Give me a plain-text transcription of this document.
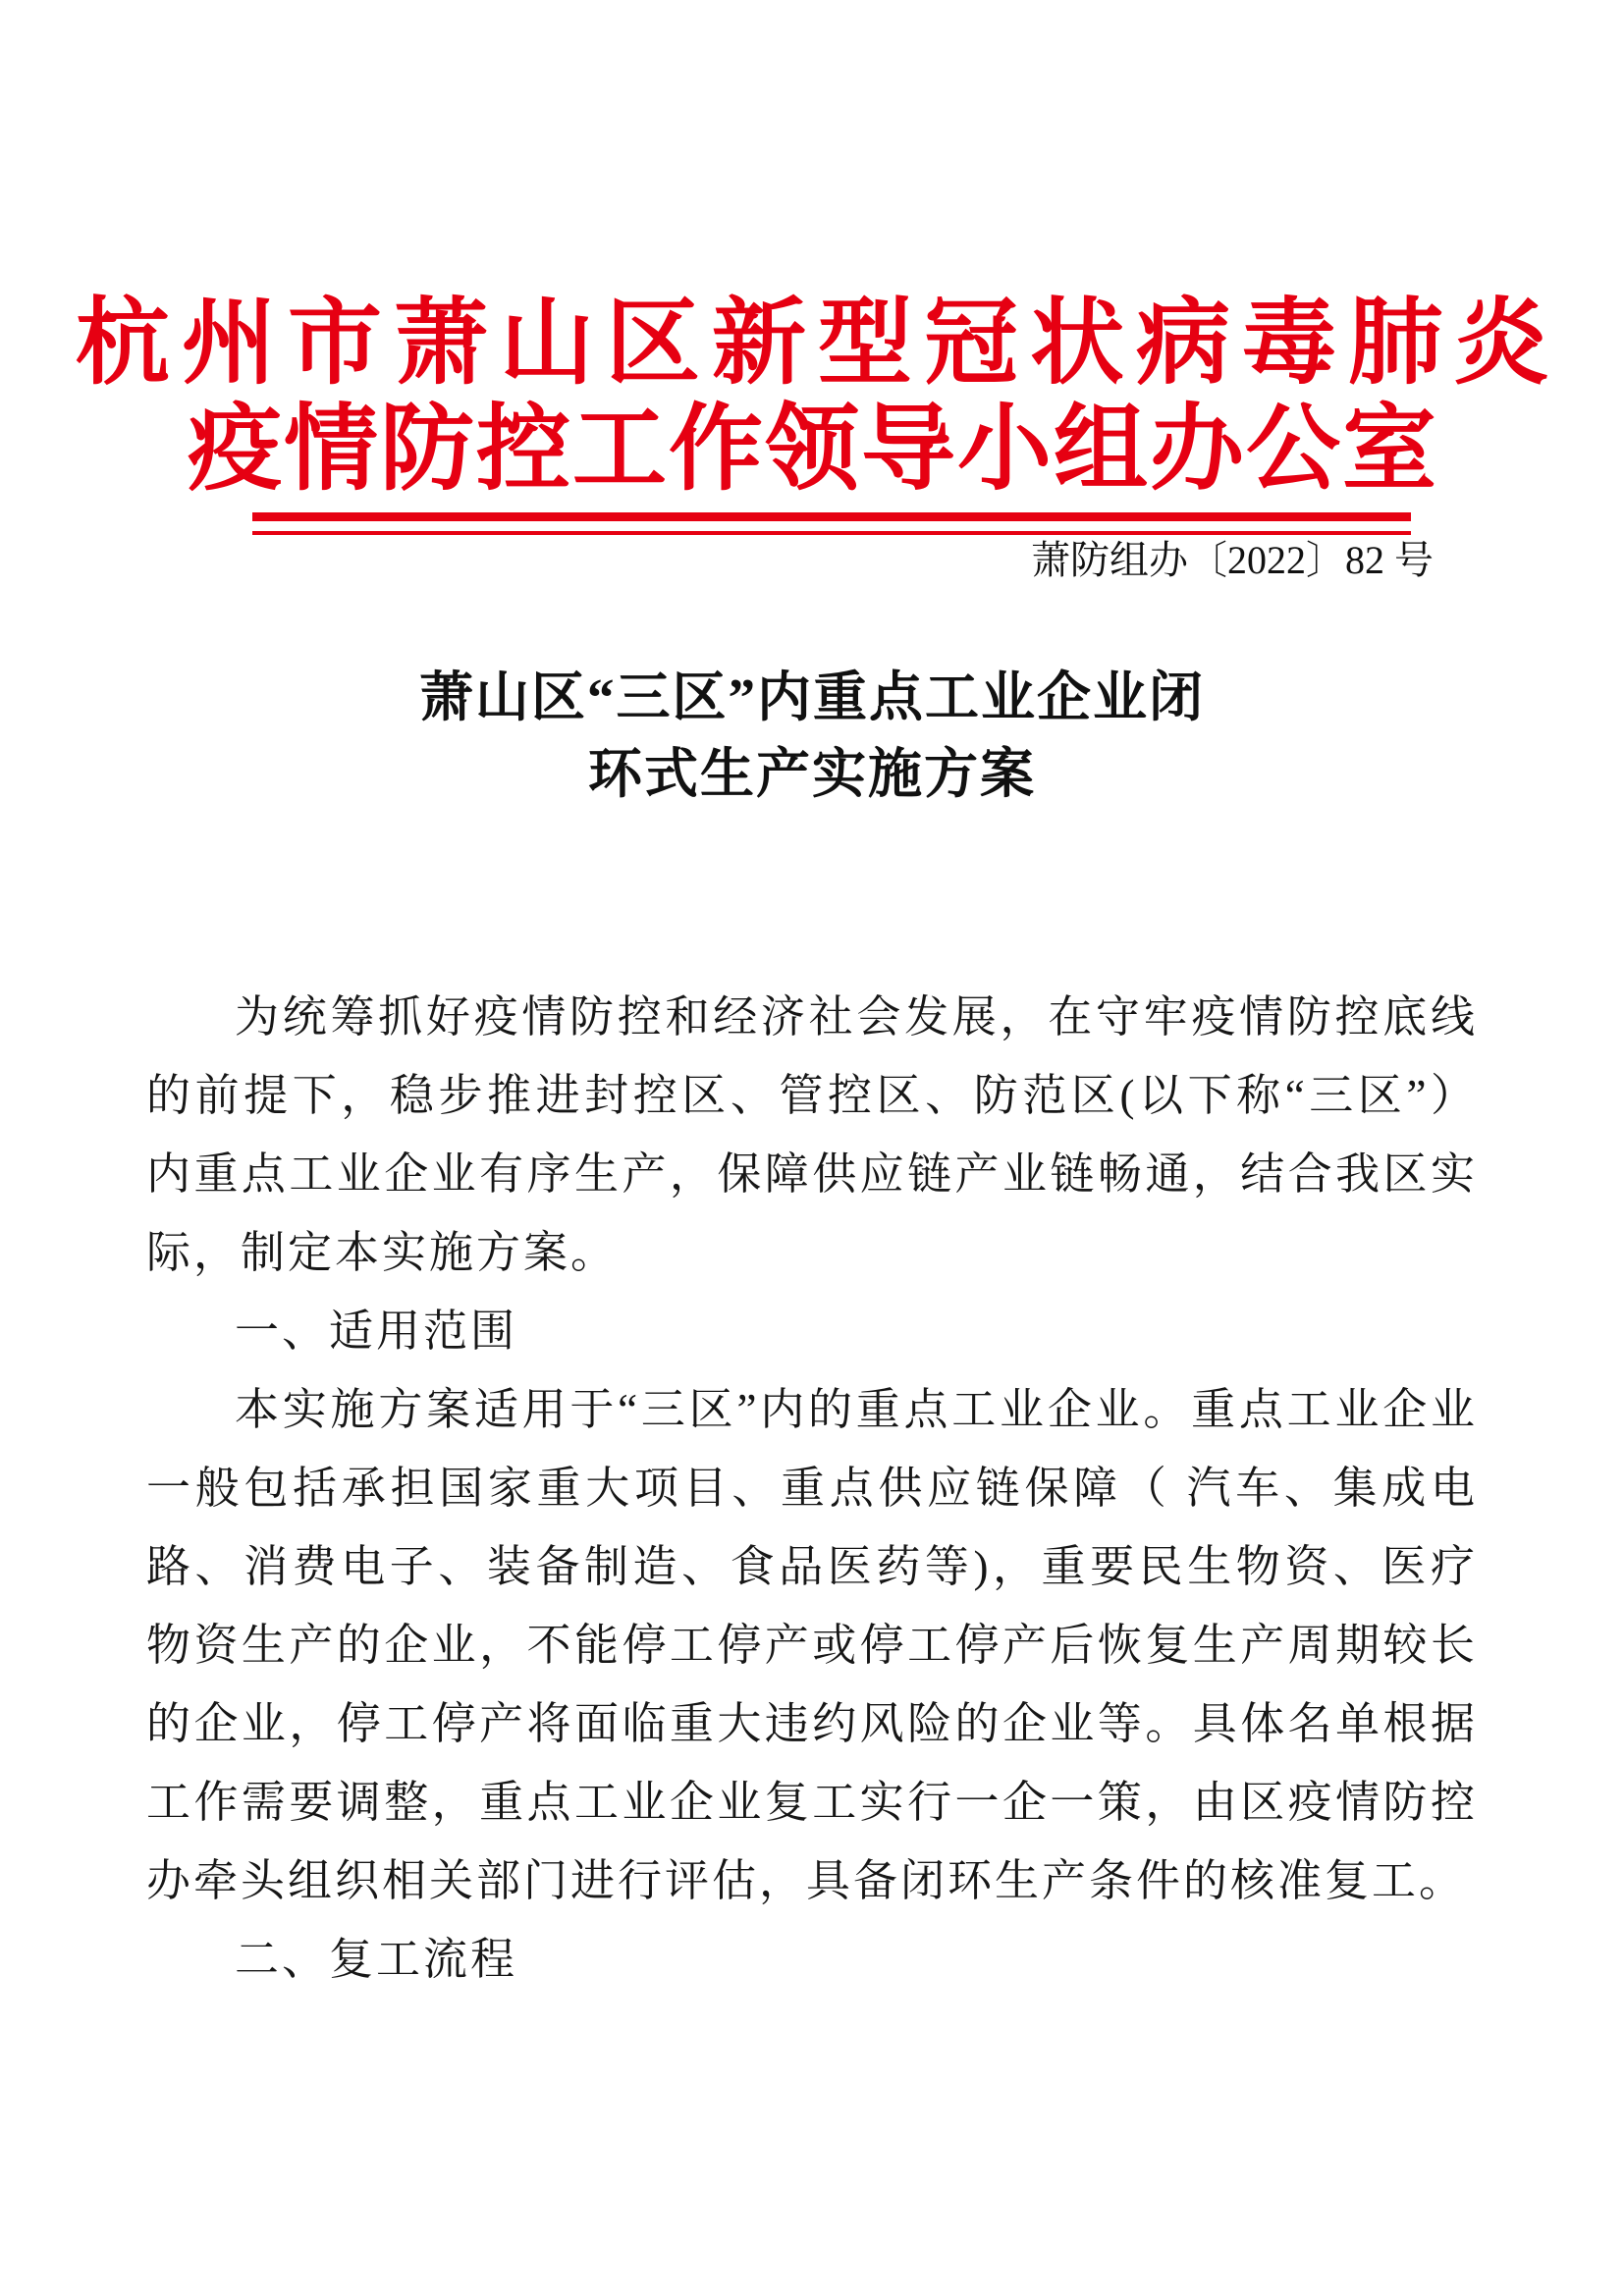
杭州市萧山区新型冠状病毒肺炎
疫情防控工作领导小组办公室
萧防组办〔2022〕82 号
萧山区“三区”内重点工业企业闭
环式生产实施方案

为统筹抓好疫情防控和经济社会发展，在守牢疫情防控底线的前提下，稳步推进封控区、管控区、防范区(以下称“三区”）内重点工业企业有序生产，保障供应链产业链畅通，结合我区实际，制定本实施方案。

一、适用范围

本实施方案适用于“三区”内的重点工业企业。重点工业企业一般包括承担国家重大项目、重点供应链保障（ 汽车、集成电路、消费电子、装备制造、食品医药等)，重要民生物资、医疗物资生产的企业，不能停工停产或停工停产后恢复生产周期较长的企业，停工停产将面临重大违约风险的企业等。具体名单根据工作需要调整，重点工业企业复工实行一企一策，由区疫情防控办牵头组织相关部门进行评估，具备闭环生产条件的核准复工。

二、复工流程
